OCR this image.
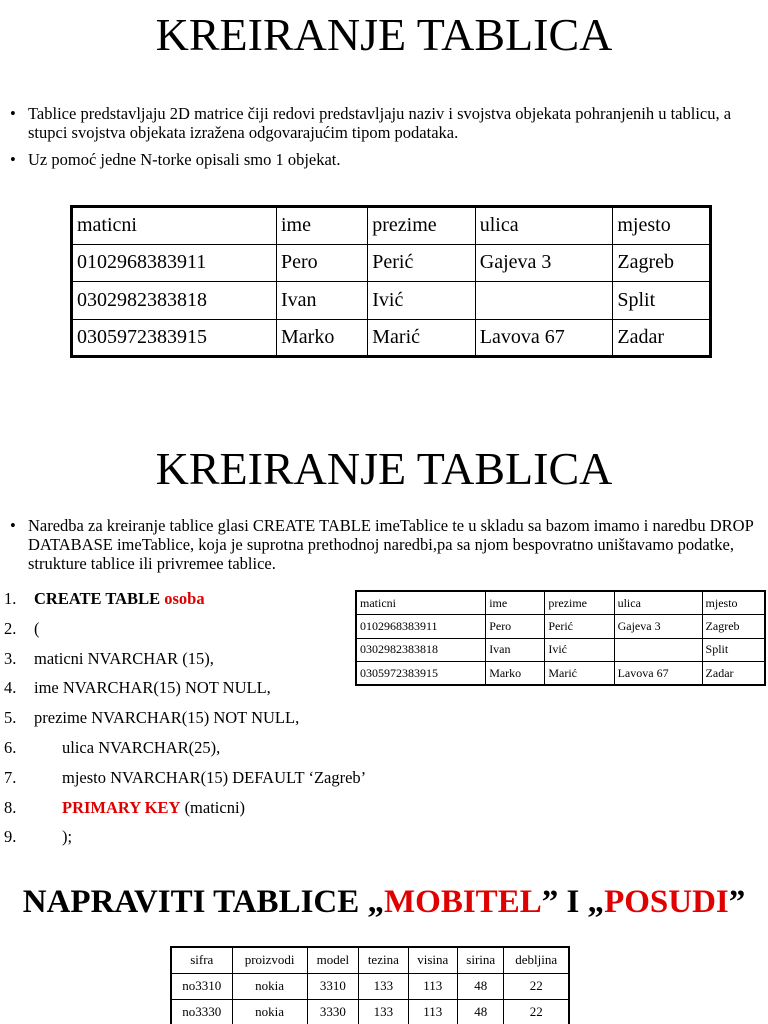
KREIRANJE TABLICA
• Tablice predstavljaju 2D matrice čiji redovi predstavljaju naziv i svojstva objekata pohranjenih u tablicu, a stupci svojstva objekata izražena odgovarajućim tipom podataka.
• Uz pomoć jedne N-torke opisali smo 1 objekat.
maticni	ime	prezime	ulica	mjesto
0102968383911	Pero	Perić	Gajeva 3	Zagreb
0302982383818	Ivan	Ivić		Split
0305972383915	Marko	Marić	Lavova 67	Zadar
KREIRANJE TABLICA
• Naredba za kreiranje tablice glasi CREATE TABLE imeTablice te u skladu sa bazom imamo i naredbu DROP DATABASE imeTablice, koja je suprotna prethodnoj naredbi,pa sa njom bespovratno uništavamo podatke, strukture tablice ili privremee tablice.
1. CREATE TABLE osoba
2. (
3. maticni NVARCHAR (15),
4. ime NVARCHAR(15) NOT NULL,
5. prezime NVARCHAR(15) NOT NULL,
6.	ulica NVARCHAR(25),
7.	mjesto NVARCHAR(15) DEFAULT ‘Zagreb’
8.	PRIMARY KEY (maticni)
9.	);
maticni	ime	prezime	ulica	mjesto
0102968383911	Pero	Perić	Gajeva 3	Zagreb
0302982383818	Ivan	Ivić		Split
0305972383915	Marko	Marić	Lavova 67	Zadar
NAPRAVITI TABLICE „MOBITEL” I „POSUDI”
sifra	proizvodi	model	tezina	visina	sirina	debljina
no3310	nokia	3310	133	113	48	22
no3330	nokia	3330	133	113	48	22
